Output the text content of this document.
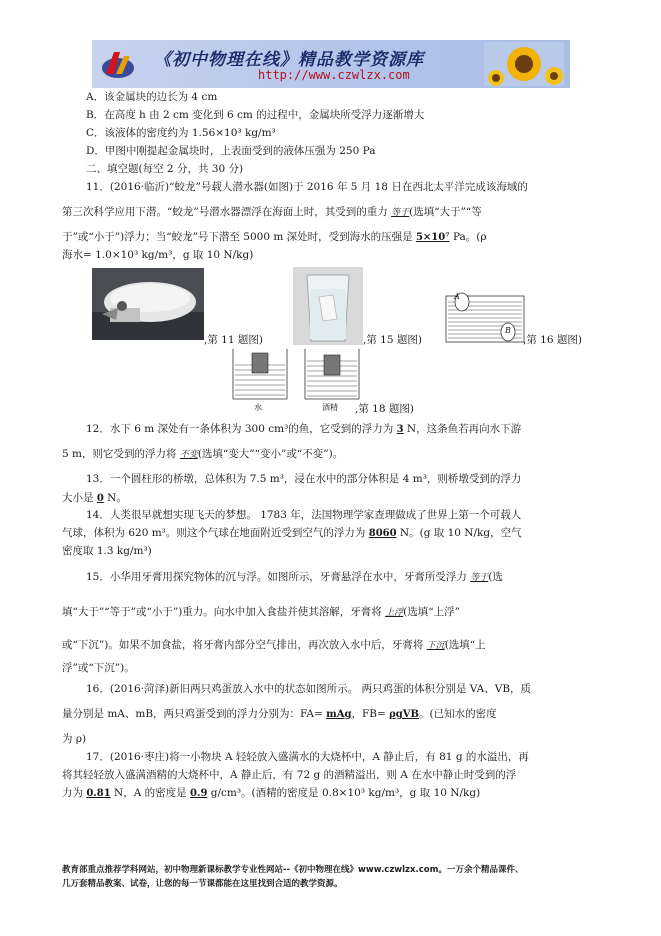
《初中物理在线》精品教学资源库
http://www.czwlzx.com
A．该金属块的边长为 4 cm
B．在高度 h 由 2 cm 变化到 6 cm 的过程中，金属块所受浮力逐渐增大
C．该液体的密度约为 1.56×10³ kg/m³
D．甲图中刚提起金属块时，上表面受到的液体压强为 250 Pa
二、填空题(每空 2 分，共 30 分)
11．(2016·临沂)“蛟龙”号载人潜水器(如图)于 2016 年 5 月 18 日在西北太平洋完成该海域的
第三次科学应用下潜。“蛟龙”号潜水器漂浮在海面上时，其受到的重力 等于(选填“大于”“等
于”或“小于”)浮力；当“蛟龙”号下潜至 5000 m 深处时，受到海水的压强是 5×10⁷ Pa。(ρ
海水= 1.0×10³ kg/m³，g 取 10 N/kg)
,第 11 题图)	,第 15 题图)
A
B
,第 16 题图)
水	酒精 ,第 18 题图)
12．水下 6 m 深处有一条体积为 300 cm³的鱼，它受到的浮力为 3 N，这条鱼若再向水下游
5 m，则它受到的浮力将 不变(选填“变大”“变小”或“不变”)。
13．一个圆柱形的桥墩，总体积为 7.5 m³，浸在水中的部分体积是 4 m³，则桥墩受到的浮力
大小是 0 N。
14．人类很早就想实现飞天的梦想。 1783 年，法国物理学家查理做成了世界上第一个可载人
气球，体积为 620 m³。则这个气球在地面附近受到空气的浮力为 8060 N。(g 取 10 N/kg，空气
密度取 1.3 kg/m³)
15．小华用牙膏用探究物体的沉与浮。如图所示，牙膏悬浮在水中，牙膏所受浮力 等于(选
填“大于”“等于”或“小于”)重力。向水中加入食盐并使其溶解，牙膏将 上浮(选填“上浮”
或“下沉”)。如果不加食盐，将牙膏内部分空气排出，再次放入水中后，牙膏将 下沉(选填“上
浮”或“下沉”)。
16．(2016·菏泽)新旧两只鸡蛋放入水中的状态如图所示。 两只鸡蛋的体积分别是 VA、VB，质
量分别是 mA、mB，两只鸡蛋受到的浮力分别为：FA= mAg，FB= ρgVB。(已知水的密度
为 ρ)
17．(2016·枣庄)将一小物块 A 轻轻放入盛满水的大烧杯中，A 静止后，有 81 g 的水溢出，再
将其轻轻放入盛满酒精的大烧杯中，A 静止后，有 72 g 的酒精溢出，则 A 在水中静止时受到的浮
力为 0.81 N，A 的密度是 0.9 g/cm³。(酒精的密度是 0.8×10³ kg/m³，g 取 10 N/kg)
教育部重点推荐学科网站，初中物理新课标教学专业性网站--《初中物理在线》www.czwlzx.com。一万余个精品课件、
几万套精品教案、试卷，让您的每一节课都能在这里找到合适的教学资源。
